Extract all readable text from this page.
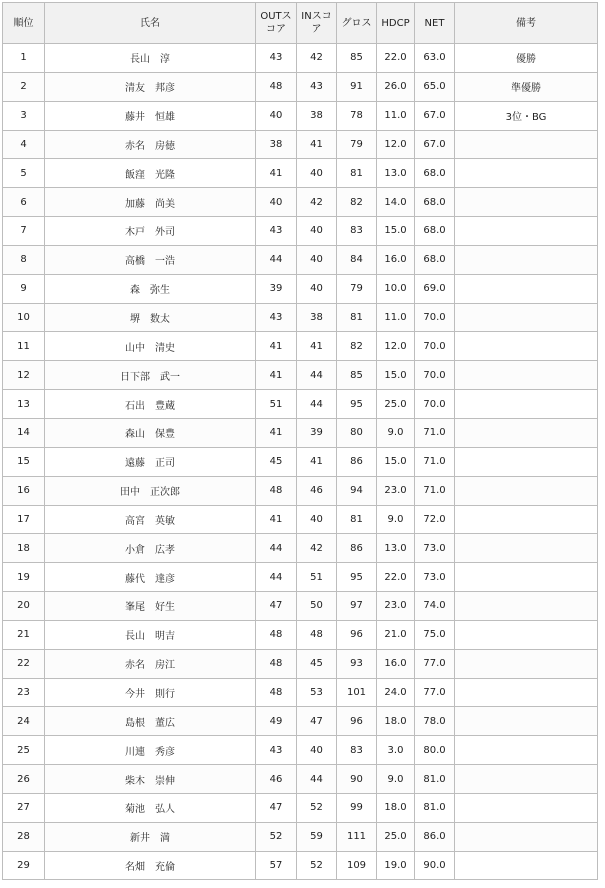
順位	氏名	OUTスコア	INスコア	グロス	HDCP	NET	備考
1	長山　淳	43	42	85	22.0	63.0	優勝
2	清友　邦彦	48	43	91	26.0	65.0	準優勝
3	藤井　恒雄	40	38	78	11.0	67.0	3位・BG
4	赤名　房徳	38	41	79	12.0	67.0	
5	飯窪　光隆	41	40	81	13.0	68.0	
6	加藤　尚美	40	42	82	14.0	68.0	
7	木戸　外司	43	40	83	15.0	68.0	
8	高橋　一浩	44	40	84	16.0	68.0	
9	森　弥生	39	40	79	10.0	69.0	
10	堺　数太	43	38	81	11.0	70.0	
11	山中　清史	41	41	82	12.0	70.0	
12	日下部　武一	41	44	85	15.0	70.0	
13	石出　豊蔵	51	44	95	25.0	70.0	
14	森山　保豊	41	39	80	9.0	71.0	
15	遠藤　正司	45	41	86	15.0	71.0	
16	田中　正次郎	48	46	94	23.0	71.0	
17	高宮　英敏	41	40	81	9.0	72.0	
18	小倉　広孝	44	42	86	13.0	73.0	
19	藤代　達彦	44	51	95	22.0	73.0	
20	峯尾　好生	47	50	97	23.0	74.0	
21	長山　明吉	48	48	96	21.0	75.0	
22	赤名　房江	48	45	93	16.0	77.0	
23	今井　則行	48	53	101	24.0	77.0	
24	島根　董広	49	47	96	18.0	78.0	
25	川連　秀彦	43	40	83	3.0	80.0	
26	柴木　崇伸	46	44	90	9.0	81.0	
27	菊池　弘人	47	52	99	18.0	81.0	
28	新井　満	52	59	111	25.0	86.0	
29	名畑　充倫	57	52	109	19.0	90.0	
